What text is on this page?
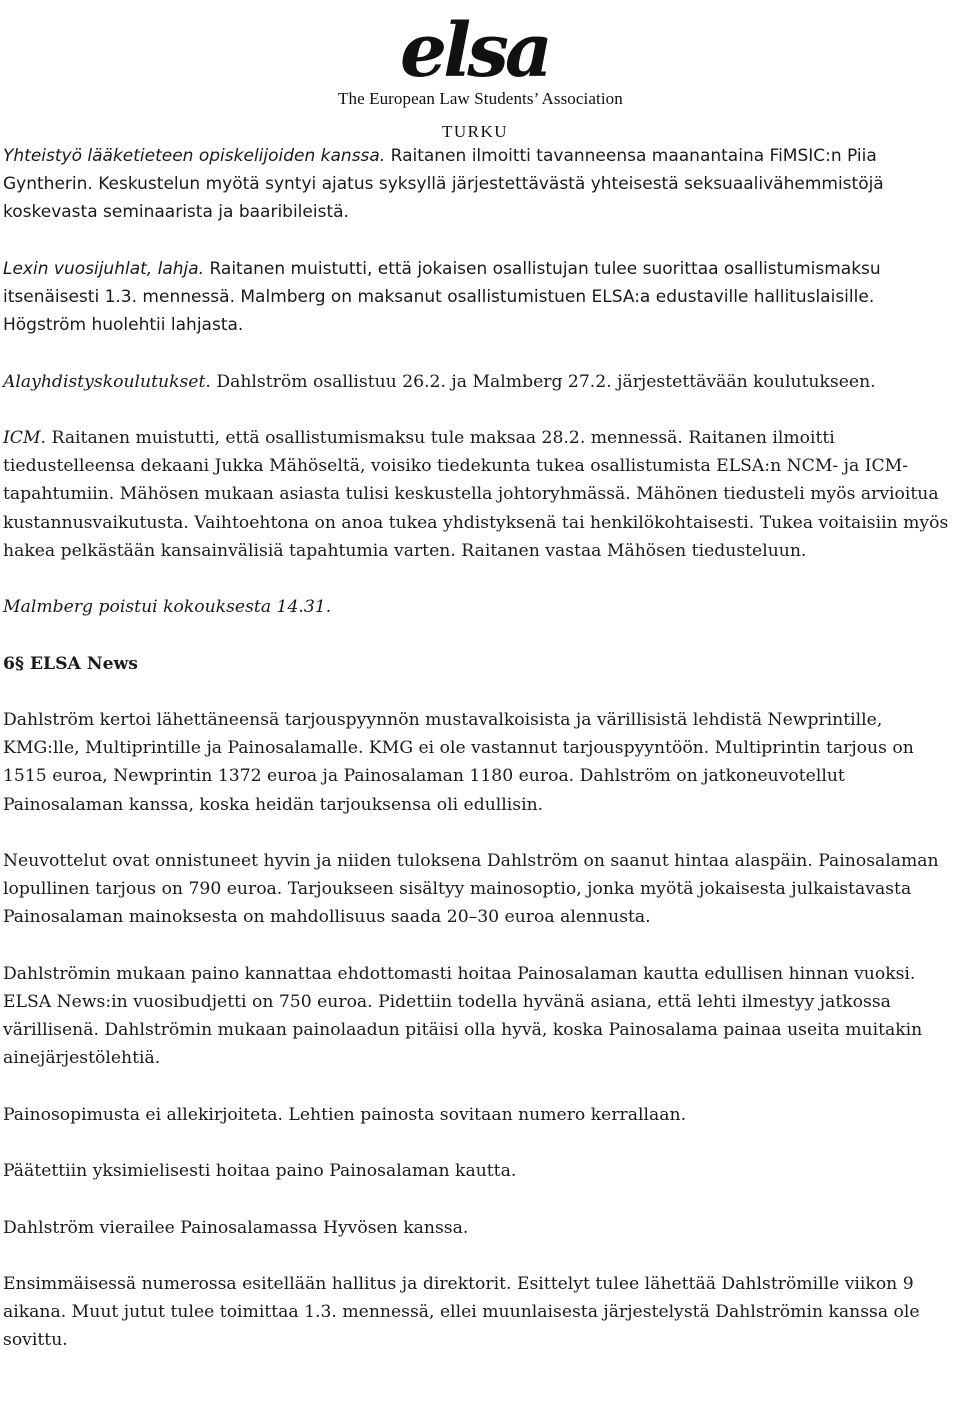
elsa
The European Law Students’ Association
TURKU

Yhteistyö lääketieteen opiskelijoiden kanssa. Raitanen ilmoitti tavanneensa maanantaina FiMSIC:n Piia Gyntherin. Keskustelun myötä syntyi ajatus syksyllä järjestettävästä yhteisestä seksuaalivähemmistöjä koskevasta seminaarista ja baaribileistä.

Lexin vuosijuhlat, lahja. Raitanen muistutti, että jokaisen osallistujan tulee suorittaa osallistumismaksu itsenäisesti 1.3. mennessä. Malmberg on maksanut osallistumistuen ELSA:a edustaville hallituslaisille. Högström huolehtii lahjasta.

Alayhdistyskoulutukset. Dahlström osallistuu 26.2. ja Malmberg 27.2. järjestettävään koulutukseen.

ICM. Raitanen muistutti, että osallistumismaksu tule maksaa 28.2. mennessä. Raitanen ilmoitti tiedustelleensa dekaani Jukka Mähöseltä, voisiko tiedekunta tukea osallistumista ELSA:n NCM- ja ICM-tapahtumiin. Mähösen mukaan asiasta tulisi keskustella johtoryhmässä. Mähönen tiedusteli myös arvioitua kustannusvaikutusta. Vaihtoehtona on anoa tukea yhdistyksenä tai henkilökohtaisesti. Tukea voitaisiin myös hakea pelkästään kansainvälisiä tapahtumia varten. Raitanen vastaa Mähösen tiedusteluun.

Malmberg poistui kokouksesta 14.31.

6§ ELSA News

Dahlström kertoi lähettäneensä tarjouspyynnön mustavalkoisista ja värillisistä lehdistä Newprintille, KMG:lle, Multiprintille ja Painosalamalle. KMG ei ole vastannut tarjouspyyntöön. Multiprintin tarjous on 1515 euroa, Newprintin 1372 euroa ja Painosalaman 1180 euroa. Dahlström on jatkoneuvotellut Painosalaman kanssa, koska heidän tarjouksensa oli edullisin.

Neuvottelut ovat onnistuneet hyvin ja niiden tuloksena Dahlström on saanut hintaa alaspäin. Painosalaman lopullinen tarjous on 790 euroa. Tarjoukseen sisältyy mainosoptio, jonka myötä jokaisesta julkaistavasta Painosalaman mainoksesta on mahdollisuus saada 20–30 euroa alennusta.

Dahlströmin mukaan paino kannattaa ehdottomasti hoitaa Painosalaman kautta edullisen hinnan vuoksi. ELSA News:in vuosibudjetti on 750 euroa. Pidettiin todella hyvänä asiana, että lehti ilmestyy jatkossa värillisenä. Dahlströmin mukaan painolaadun pitäisi olla hyvä, koska Painosalama painaa useita muitakin ainejärjestölehtiä.

Painosopimusta ei allekirjoiteta. Lehtien painosta sovitaan numero kerrallaan.

Päätettiin yksimielisesti hoitaa paino Painosalaman kautta.

Dahlström vierailee Painosalamassa Hyvösen kanssa.

Ensimmäisessä numerossa esitellään hallitus ja direktorit. Esittelyt tulee lähettää Dahlströmille viikon 9 aikana. Muut jutut tulee toimittaa 1.3. mennessä, ellei muunlaisesta järjestelystä Dahlströmin kanssa ole sovittu.
